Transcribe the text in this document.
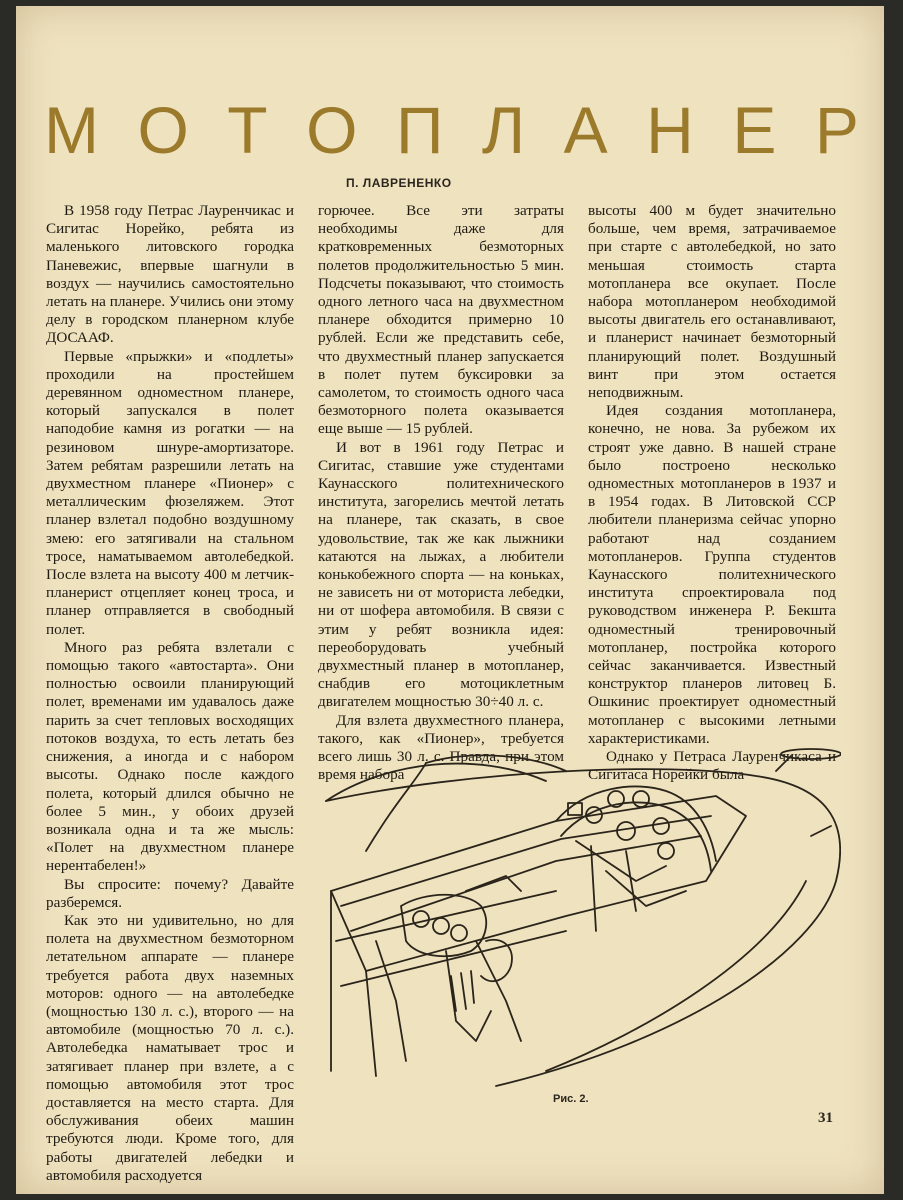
М О Т О П Л А Н Е Р
П. ЛАВРЕНЕНКО

В 1958 году Петрас Лауренчикас и Сигитас Норейко, ребята из маленького литовского городка Паневежис, впервые шагнули в воздух — научились самостоятельно летать на планере. Учились они этому делу в городском планерном клубе ДОСААФ.

Первые «прыжки» и «подлеты» проходили на простейшем деревянном одноместном планере, который запускался в полет наподобие камня из рогатки — на резиновом шнуре-амортизаторе. Затем ребятам разрешили летать на двухместном планере «Пионер» с металлическим фюзеляжем. Этот планер взлетал подобно воздушному змею: его затягивали на стальном тросе, наматываемом автолебедкой. После взлета на высоту 400 м летчик-планерист отцепляет конец троса, и планер отправляется в свободный полет.

Много раз ребята взлетали с помощью такого «автостарта». Они полностью освоили планирующий полет, временами им удавалось даже парить за счет тепловых восходящих потоков воздуха, то есть летать без снижения, а иногда и с набором высоты. Однако после каждого полета, который длился обычно не более 5 мин., у обоих друзей возникала одна и та же мысль: «Полет на двухместном планере нерентабелен!»

Вы спросите: почему? Давайте разберемся.

Как это ни удивительно, но для полета на двухместном безмоторном летательном аппарате — планере требуется работа двух наземных моторов: одного — на автолебедке (мощностью 130 л. с.), второго — на автомобиле (мощностью 70 л. с.). Автолебедка наматывает трос и затягивает планер при взлете, а с помощью автомобиля этот трос доставляется на место старта. Для обслуживания обеих машин требуются люди. Кроме того, для работы двигателей лебедки и автомобиля расходуется

горючее. Все эти затраты необходимы даже для кратковременных безмоторных полетов продолжительностью 5 мин. Подсчеты показывают, что стоимость одного летного часа на двухместном планере обходится примерно 10 рублей. Если же представить себе, что двухместный планер запускается в полет путем буксировки за самолетом, то стоимость одного часа безмоторного полета оказывается еще выше — 15 рублей.

И вот в 1961 году Петрас и Сигитас, ставшие уже студентами Каунасского политехнического института, загорелись мечтой летать на планере, так сказать, в свое удовольствие, так же как лыжники катаются на лыжах, а любители конькобежного спорта — на коньках, не зависеть ни от моториста лебедки, ни от шофера автомобиля. В связи с этим у ребят возникла идея: переоборудовать учебный двухместный планер в мотопланер, снабдив его мотоциклетным двигателем мощностью 30÷40 л. с.

Для взлета двухместного планера, такого, как «Пионер», требуется всего лишь 30 л. с. Правда, при этом время набора

высоты 400 м будет значительно больше, чем время, затрачиваемое при старте с автолебедкой, но зато меньшая стоимость старта мотопланера все окупает. После набора мотопланером необходимой высоты двигатель его останавливают, и планерист начинает безмоторный планирующий полет. Воздушный винт при этом остается неподвижным.

Идея создания мотопланера, конечно, не нова. За рубежом их строят уже давно. В нашей стране было построено несколько одноместных мотопланеров в 1937 и в 1954 годах. В Литовской ССР любители планеризма сейчас упорно работают над созданием мотопланеров. Группа студентов Каунасского политехнического института спроектировала под руководством инженера Р. Бекшта одноместный тренировочный мотопланер, постройка которого сейчас заканчивается. Известный конструктор планеров литовец Б. Ошкинис проектирует одноместный мотопланер с высокими летными характеристиками.

Однако у Петраса Лауренчикаса и Сигитаса Норейки была

Рис. 2.
31
